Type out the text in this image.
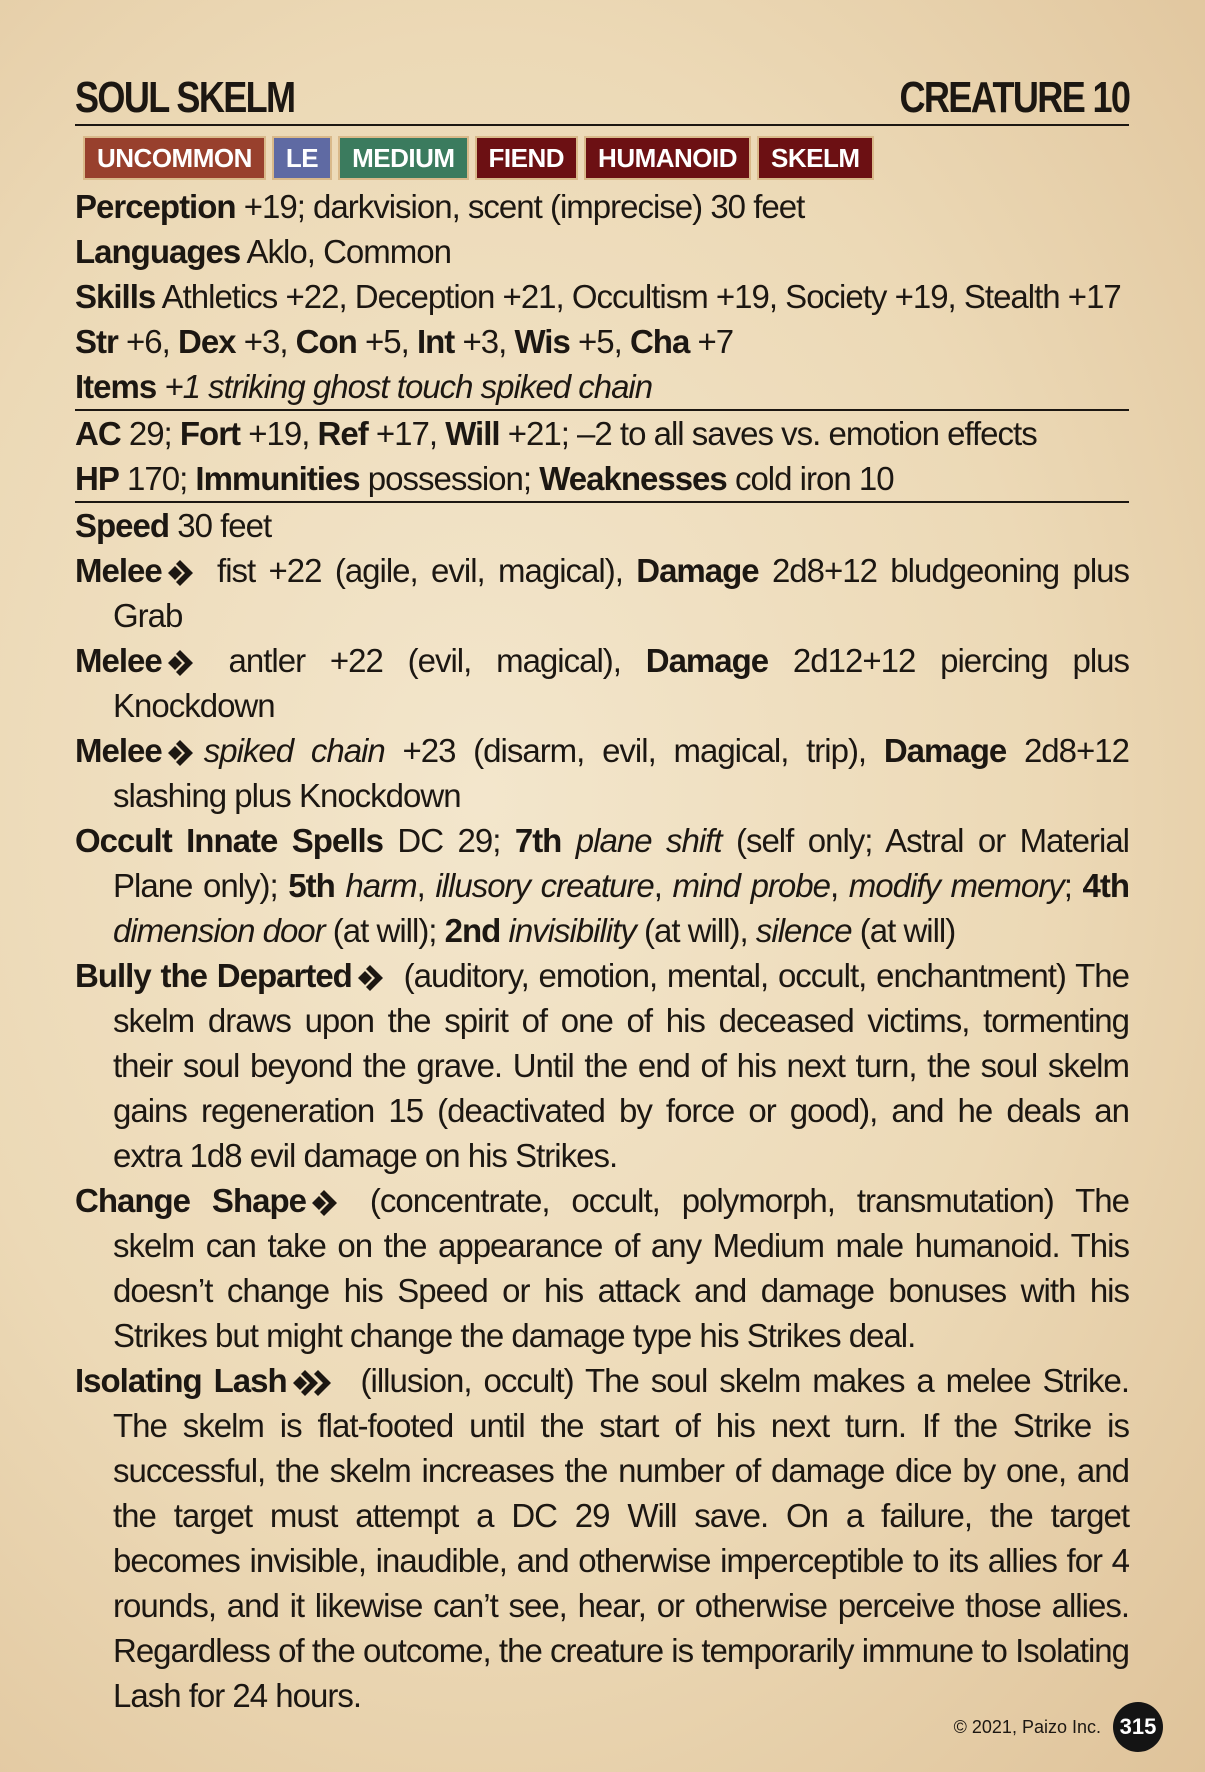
SOUL SKELM	CREATURE 10
UNCOMMON	LE	MEDIUM	FIEND	HUMANOID	SKELM
Perception +19; darkvision, scent (imprecise) 30 feet
Languages Aklo, Common
Skills Athletics +22, Deception +21, Occultism +19, Society +19, Stealth +17
Str +6, Dex +3, Con +5, Int +3, Wis +5, Cha +7
Items +1 striking ghost touch spiked chain
AC 29; Fort +19, Ref +17, Will +21; –2 to all saves vs. emotion effects
HP 170; Immunities possession; Weaknesses cold iron 10
Speed 30 feet
Melee fist +22 (agile, evil, magical), Damage 2d8+12 bludgeoning plus Grab
Melee antler +22 (evil, magical), Damage 2d12+12 piercing plus Knockdown
Melee spiked chain +23 (disarm, evil, magical, trip), Damage 2d8+12 slashing plus Knockdown
Occult Innate Spells DC 29; 7th plane shift (self only; Astral or Material Plane only); 5th harm, illusory creature, mind probe, modify memory; 4th dimension door (at will); 2nd invisibility (at will), silence (at will)
Bully the Departed (auditory, emotion, mental, occult, enchantment) The skelm draws upon the spirit of one of his deceased victims, tormenting their soul beyond the grave. Until the end of his next turn, the soul skelm gains regeneration 15 (deactivated by force or good), and he deals an extra 1d8 evil damage on his Strikes.
Change Shape (concentrate, occult, polymorph, transmutation) The skelm can take on the appearance of any Medium male humanoid. This doesn’t change his Speed or his attack and damage bonuses with his Strikes but might change the damage type his Strikes deal.
Isolating Lash (illusion, occult) The soul skelm makes a melee Strike. The skelm is flat-footed until the start of his next turn. If the Strike is successful, the skelm increases the number of damage dice by one, and the target must attempt a DC 29 Will save. On a failure, the target becomes invisible, inaudible, and otherwise imperceptible to its allies for 4 rounds, and it likewise can’t see, hear, or otherwise perceive those allies. Regardless of the outcome, the creature is temporarily immune to Isolating Lash for 24 hours.
© 2021, Paizo Inc. 315
